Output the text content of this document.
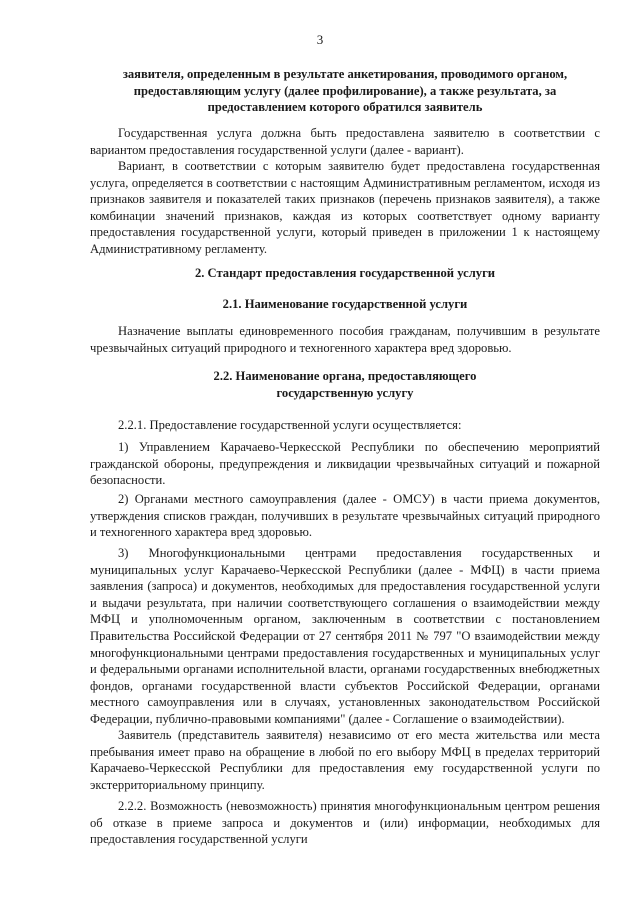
3

заявителя, определенным в результате анкетирования, проводимого органом, предоставляющим услугу (далее профилирование), а также результата, за предоставлением которого обратился заявитель

Государственная услуга должна быть предоставлена заявителю в соответствии с вариантом предоставления государственной услуги (далее - вариант).

Вариант, в соответствии с которым заявителю будет предоставлена государственная услуга, определяется в соответствии с настоящим Административным регламентом, исходя из признаков заявителя и показателей таких признаков (перечень признаков заявителя), а также комбинации значений признаков, каждая из которых соответствует одному варианту предоставления государственной услуги, который приведен в приложении 1 к настоящему Административному регламенту.

2. Стандарт предоставления государственной услуги

2.1. Наименование государственной услуги

Назначение выплаты единовременного пособия гражданам, получившим в результате чрезвычайных ситуаций природного и техногенного характера вред здоровью.

2.2. Наименование органа, предоставляющего
государственную услугу

2.2.1. Предоставление государственной услуги осуществляется:

1) Управлением Карачаево-Черкесской Республики по обеспечению мероприятий гражданской обороны, предупреждения и ликвидации чрезвычайных ситуаций и пожарной безопасности.

2) Органами местного самоуправления (далее - ОМСУ) в части приема документов, утверждения списков граждан, получивших в результате чрезвычайных ситуаций природного и техногенного характера вред здоровью.

3) Многофункциональными центрами предоставления государственных и муниципальных услуг Карачаево-Черкесской Республики (далее - МФЦ) в части приема заявления (запроса) и документов, необходимых для предоставления государственной услуги и выдачи результата, при наличии соответствующего соглашения о взаимодействии между МФЦ и уполномоченным органом, заключенным в соответствии с постановлением Правительства Российской Федерации от 27 сентября 2011 № 797 "О взаимодействии между многофункциональными центрами предоставления государственных и муниципальных услуг и федеральными органами исполнительной власти, органами государственных внебюджетных фондов, органами государственной власти субъектов Российской Федерации, органами местного самоуправления или в случаях, установленных законодательством Российской Федерации, публично-правовыми компаниями" (далее - Соглашение о взаимодействии).

Заявитель (представитель заявителя) независимо от его места жительства или места пребывания имеет право на обращение в любой по его выбору МФЦ в пределах территорий Карачаево-Черкесской Республики для предоставления ему государственной услуги по экстерриториальному принципу.

2.2.2. Возможность (невозможность) принятия многофункциональным центром решения об отказе в приеме запроса и документов и (или) информации, необходимых для предоставления государственной услуги
